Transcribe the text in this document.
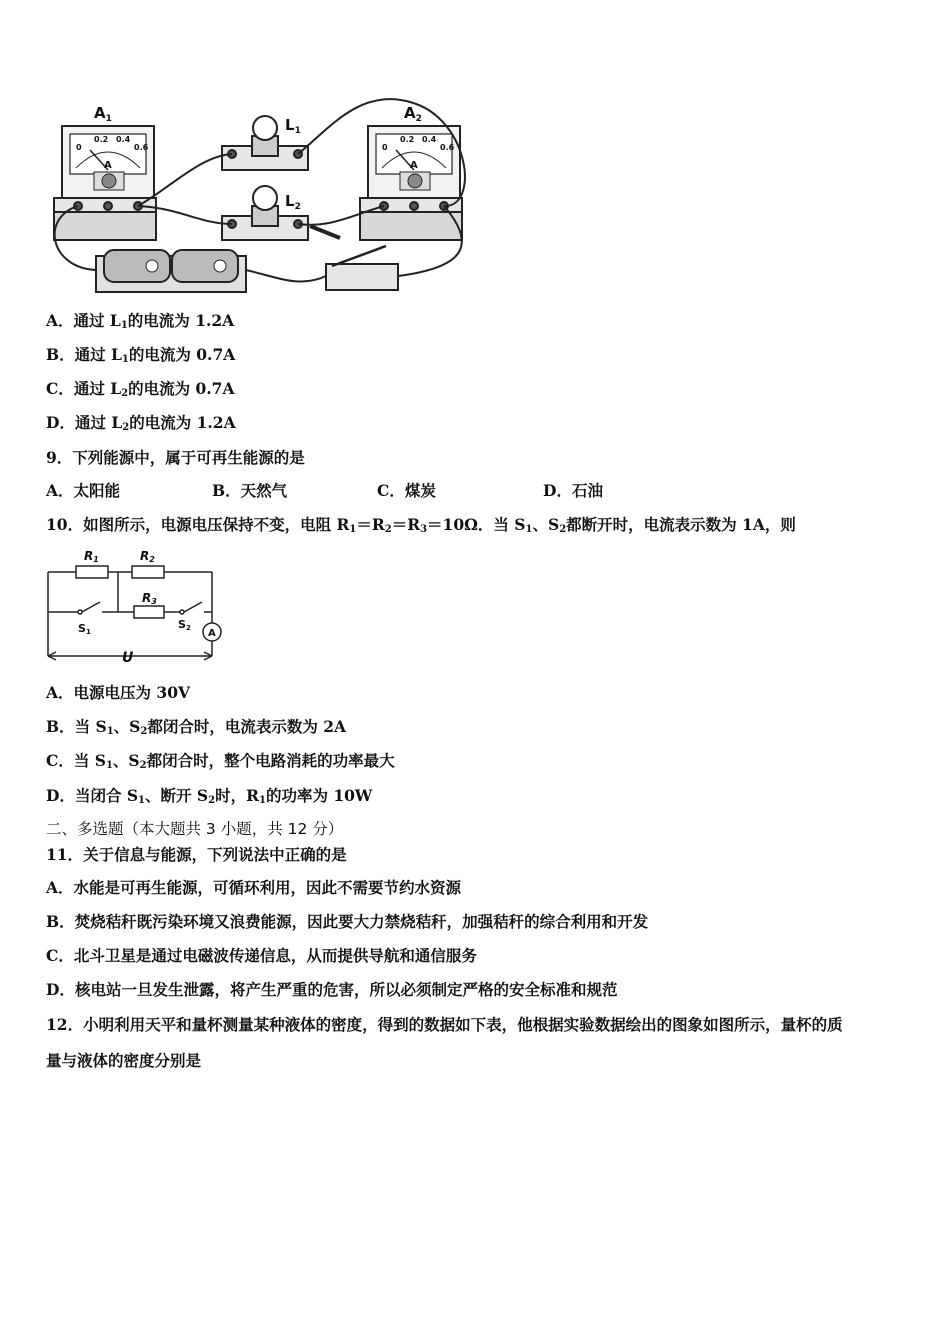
0
0.2 0.4
0.6	0
0.2 0.4
0.6
A	A
$A_1$	$A_2$
$L_1$
$L_2$
A．通过 $L_1$的电流为 1.2A
B．通过 $L_1$的电流为 0.7A
C．通过 $L_2$的电流为 0.7A
D．通过 $L_2$的电流为 1.2A
9．下列能源中，属于可再生能源的是
A．太阳能	B．天然气	C．煤炭	D．石油
10．如图所示，电源电压保持不变，电阻 $R_1=R_2=R_3=10\Omega$．当 $S_1$、$S_2$都断开时，电流表示数为 1A，则
R1	R2
R3
S1
S2 A
U
A．电源电压为 30V
B．当 $S_1$、$S_2$都闭合时，电流表示数为 2A
C．当 $S_1$、$S_2$都闭合时，整个电路消耗的功率最大
D．当闭合 $S_1$、断开 $S_2$时，$R_1$的功率为 10W
二、多选题（本大题共 3 小题，共 12 分）
11．关于信息与能源，下列说法中正确的是
A．水能是可再生能源，可循环利用，因此不需要节约水资源
B．焚烧秸秆既污染环境又浪费能源，因此要大力禁烧秸秆，加强秸秆的综合利用和开发
C．北斗卫星是通过电磁波传递信息，从而提供导航和通信服务
D．核电站一旦发生泄露，将产生严重的危害，所以必须制定严格的安全标准和规范
12．小明利用天平和量杯测量某种液体的密度，得到的数据如下表，他根据实验数据绘出的图象如图所示，量杯的质
量与液体的密度分别是
